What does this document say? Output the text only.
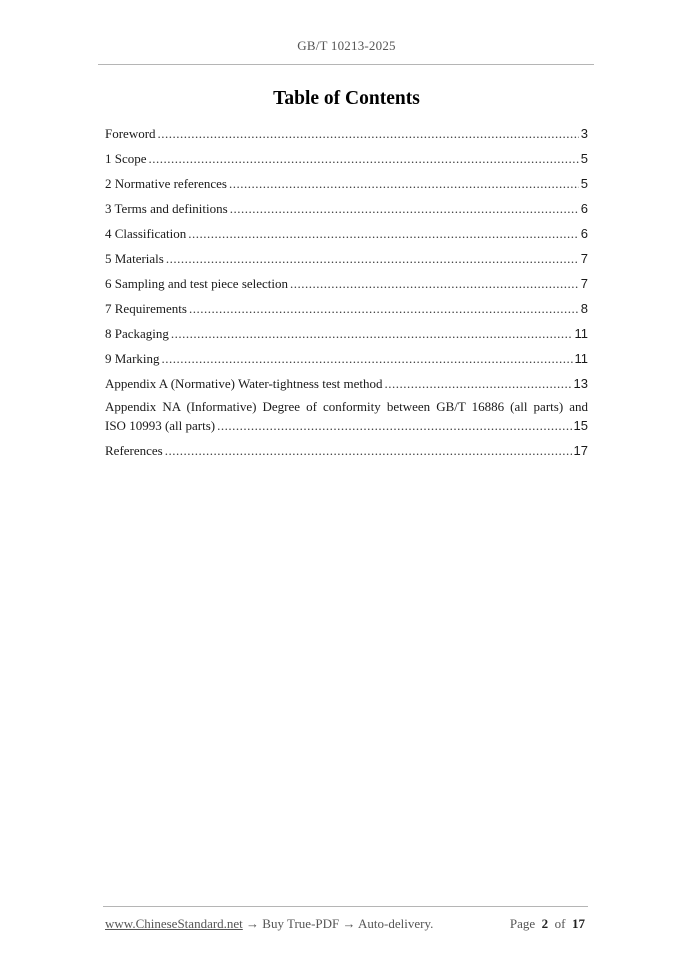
GB/T 10213-2025
Table of Contents
Foreword .....	3
1 Scope .....	5
2 Normative references .....	5
3 Terms and definitions .....	6
4 Classification .....	6
5 Materials .....	7
6 Sampling and test piece selection .....	7
7 Requirements .....	8
8 Packaging .....	11
9 Marking .....	11
Appendix A (Normative) Water-tightness test method .....	13
Appendix NA (Informative) Degree of conformity between GB/T 16886 (all parts) and
ISO 10993 (all parts) .....	15
References .....	17
www.ChineseStandard.net → Buy True-PDF → Auto-delivery.	Page 2 of 17
